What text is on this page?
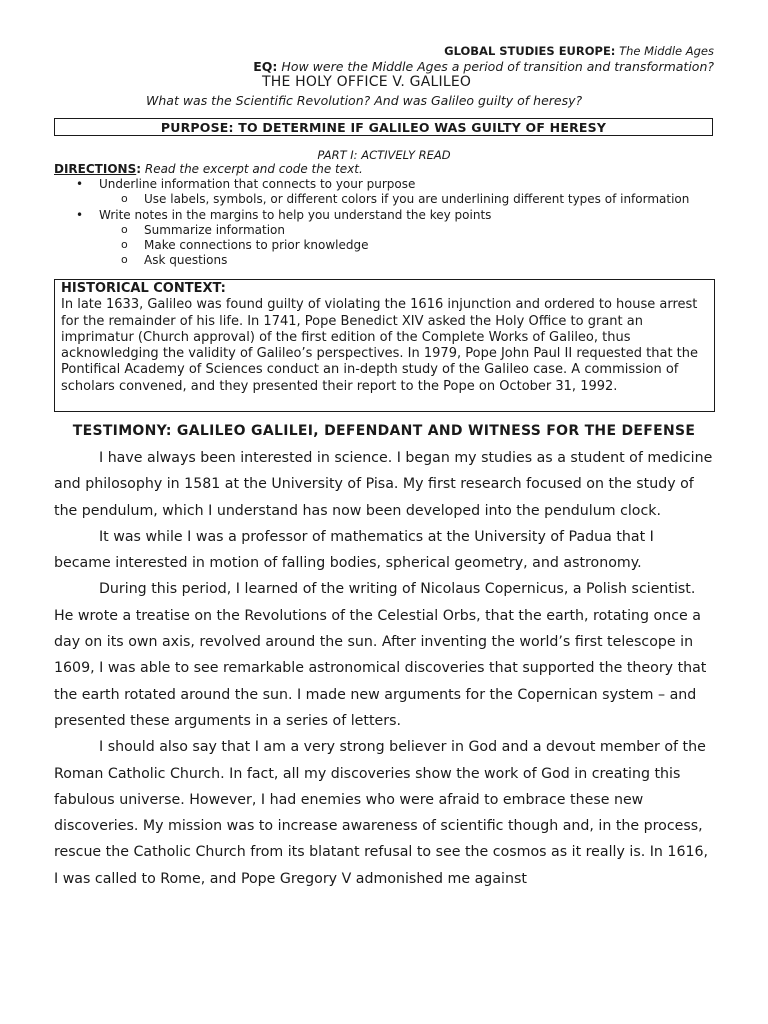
GLOBAL STUDIES EUROPE: The Middle Ages
EQ: How were the Middle Ages a period of transition and transformation?
THE HOLY OFFICE V. GALILEO
What was the Scientific Revolution? And was Galileo guilty of heresy?
PURPOSE: TO DETERMINE IF GALILEO WAS GUILTY OF HERESY
PART I: ACTIVELY READ
DIRECTIONS: Read the excerpt and code the text.
• Underline information that connects to your purpose
o Use labels, symbols, or different colors if you are underlining different types of information
• Write notes in the margins to help you understand the key points
o Summarize information
o Make connections to prior knowledge
o Ask questions
HISTORICAL CONTEXT:
In late 1633, Galileo was found guilty of violating the 1616 injunction and ordered to house arrest for the remainder of his life. In 1741, Pope Benedict XIV asked the Holy Office to grant an imprimatur (Church approval) of the first edition of the Complete Works of Galileo, thus acknowledging the validity of Galileo’s perspectives. In 1979, Pope John Paul II requested that the Pontifical Academy of Sciences conduct an in-depth study of the Galileo case. A commission of scholars convened, and they presented their report to the Pope on October 31, 1992.
TESTIMONY: GALILEO GALILEI, DEFENDANT AND WITNESS FOR THE DEFENSE

I have always been interested in science. I began my studies as a student of medicine and philosophy in 1581 at the University of Pisa. My first research focused on the study of the pendulum, which I understand has now been developed into the pendulum clock.

It was while I was a professor of mathematics at the University of Padua that I became interested in motion of falling bodies, spherical geometry, and astronomy.

During this period, I learned of the writing of Nicolaus Copernicus, a Polish scientist. He wrote a treatise on the Revolutions of the Celestial Orbs, that the earth, rotating once a day on its own axis, revolved around the sun. After inventing the world’s first telescope in 1609, I was able to see remarkable astronomical discoveries that supported the theory that the earth rotated around the sun. I made new arguments for the Copernican system – and presented these arguments in a series of letters.

I should also say that I am a very strong believer in God and a devout member of the Roman Catholic Church. In fact, all my discoveries show the work of God in creating this fabulous universe. However, I had enemies who were afraid to embrace these new discoveries. My mission was to increase awareness of scientific though and, in the process, rescue the Catholic Church from its blatant refusal to see the cosmos as it really is. In 1616, I was called to Rome, and Pope Gregory V admonished me against
